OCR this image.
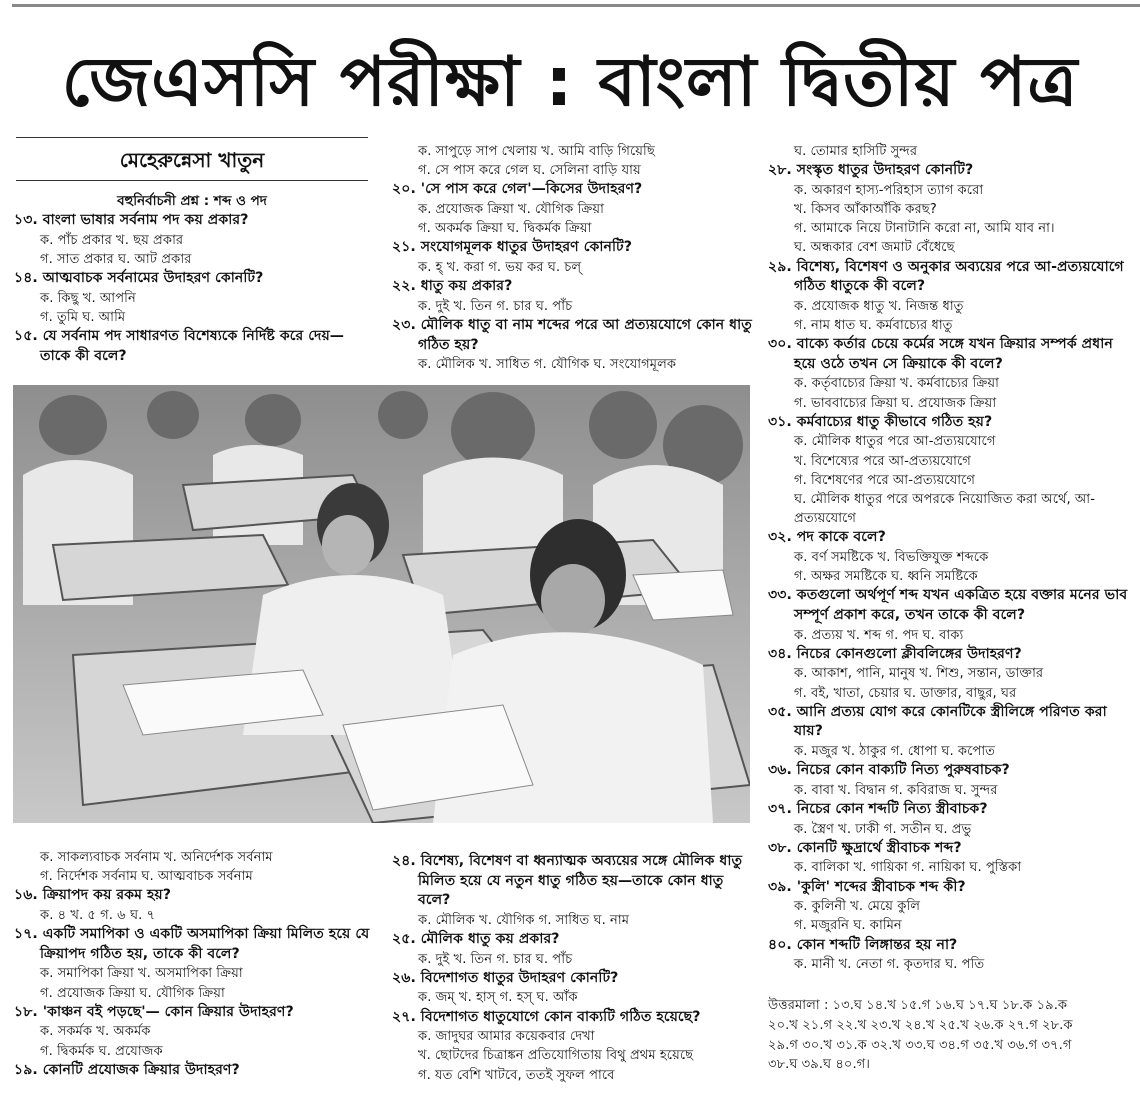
জেএসসি পরীক্ষা : বাংলা দ্বিতীয় পত্র
মেহেরুন্নেসা খাতুন
বহুনির্বাচনী প্রশ্ন : শব্দ ও পদ
১৩. বাংলা ভাষার সর্বনাম পদ কয় প্রকার?
ক. পাঁচ প্রকার খ. ছয় প্রকার
গ. সাত প্রকার ঘ. আট প্রকার
১৪. আত্মবাচক সর্বনামের উদাহরণ কোনটি?
ক. কিছু খ. আপনি
গ. তুমি ঘ. আমি
১৫. যে সর্বনাম পদ সাধারণত বিশেষ্যকে নির্দিষ্ট করে দেয়—
তাকে কী বলে?
ক. সাপুড়ে সাপ খেলায় খ. আমি বাড়ি গিয়েছি
গ. সে পাস করে গেল ঘ. সেলিনা বাড়ি যায়
২০. 'সে পাস করে গেল'—কিসের উদাহরণ?
ক. প্রযোজক ক্রিয়া খ. যৌগিক ক্রিয়া
গ. অকর্মক ক্রিয়া ঘ. দ্বিকর্মক ক্রিয়া
২১. সংযোগমূলক ধাতুর উদাহরণ কোনটি?
ক. হ্ খ. করা গ. ভয় কর ঘ. চল্
২২. ধাতু কয় প্রকার?
ক. দুই খ. তিন গ. চার ঘ. পাঁচ
২৩. মৌলিক ধাতু বা নাম শব্দের পরে আ প্রত্যয়যোগে কোন ধাতু
গঠিত হয়?
ক. মৌলিক খ. সাধিত গ. যৌগিক ঘ. সংযোগমূলক
ঘ. তোমার হাসিটি সুন্দর
২৮. সংস্কৃত ধাতুর উদাহরণ কোনটি?
ক. অকারণ হাস্য-পরিহাস ত্যাগ করো
খ. কিসব আঁকাআঁকি করছ?
গ. আমাকে নিয়ে টানাটানি করো না, আমি যাব না।
ঘ. অন্ধকার বেশ জমাট বেঁধেছে
২৯. বিশেষ্য, বিশেষণ ও অনুকার অব্যয়ের পরে আ-প্রত্যয়যোগে
গঠিত ধাতুকে কী বলে?
ক. প্রযোজক ধাতু খ. নিজন্ত ধাতু
গ. নাম ধাত ঘ. কর্মবাচ্যের ধাতু
৩০. বাক্যে কর্তার চেয়ে কর্মের সঙ্গে যখন ক্রিয়ার সম্পর্ক প্রধান
হয়ে ওঠে তখন সে ক্রিয়াকে কী বলে?
ক. কর্তৃবাচ্যের ক্রিয়া খ. কর্মবাচ্যের ক্রিয়া
গ. ভাববাচ্যের ক্রিয়া ঘ. প্রযোজক ক্রিয়া
৩১. কর্মবাচ্যের ধাতু কীভাবে গঠিত হয়?
ক. মৌলিক ধাতুর পরে আ-প্রত্যয়যোগে
খ. বিশেষ্যের পরে আ-প্রত্যয়যোগে
গ. বিশেষণের পরে আ-প্রত্যয়যোগে
ঘ. মৌলিক ধাতুর পরে অপরকে নিয়োজিত করা অর্থে, আ-
প্রত্যয়যোগে
৩২. পদ কাকে বলে?
ক. বর্ণ সমষ্টিকে খ. বিভক্তিযুক্ত শব্দকে
গ. অক্ষর সমষ্টিকে ঘ. ধ্বনি সমষ্টিকে
৩৩. কতগুলো অর্থপূর্ণ শব্দ যখন একত্রিত হয়ে বক্তার মনের ভাব
সম্পূর্ণ প্রকাশ করে, তখন তাকে কী বলে?
ক. প্রত্যয় খ. শব্দ গ. পদ ঘ. বাক্য
৩৪. নিচের কোনগুলো ক্লীবলিঙ্গের উদাহরণ?
ক. আকাশ, পানি, মানুষ খ. শিশু, সন্তান, ডাক্তার
গ. বই, খাতা, চেয়ার ঘ. ডাক্তার, বাছুর, ঘর
৩৫. আনি প্রত্যয় যোগ করে কোনটিকে স্ত্রীলিঙ্গে পরিণত করা
যায়?
ক. মজুর খ. ঠাকুর গ. ধোপা ঘ. কপোত
৩৬. নিচের কোন বাক্যটি নিত্য পুরুষবাচক?
ক. বাবা খ. বিদ্বান গ. কবিরাজ ঘ. সুন্দর
৩৭. নিচের কোন শব্দটি নিত্য স্ত্রীবাচক?
ক. স্ত্রৈণ খ. ঢাকী গ. সতীন ঘ. প্রভু
৩৮. কোনটি ক্ষুদ্রার্থে স্ত্রীবাচক শব্দ?
ক. বালিকা খ. গায়িকা গ. নায়িকা ঘ. পুস্তিকা
৩৯. 'কুলি' শব্দের স্ত্রীবাচক শব্দ কী?
ক. কুলিনী খ. মেয়ে কুলি
গ. মজুরনি ঘ. কামিন
৪০. কোন শব্দটি লিঙ্গান্তর হয় না?
ক. মানী খ. নেতা গ. কৃতদার ঘ. পতি
ক. সাকল্যবাচক সর্বনাম খ. অনির্দেশক সর্বনাম
গ. নির্দেশক সর্বনাম ঘ. আত্মবাচক সর্বনাম
১৬. ক্রিয়াপদ কয় রকম হয়?
ক. ৪ খ. ৫ গ. ৬ ঘ. ৭
১৭. একটি সমাপিকা ও একটি অসমাপিকা ক্রিয়া মিলিত হয়ে যে
ক্রিয়াপদ গঠিত হয়, তাকে কী বলে?
ক. সমাপিকা ক্রিয়া খ. অসমাপিকা ক্রিয়া
গ. প্রযোজক ক্রিয়া ঘ. যৌগিক ক্রিয়া
১৮. 'কাঞ্চন বই পড়ছে'— কোন ক্রিয়ার উদাহরণ?
ক. সকর্মক খ. অকর্মক
গ. দ্বিকর্মক ঘ. প্রযোজক
১৯. কোনটি প্রযোজক ক্রিয়ার উদাহরণ?
২৪. বিশেষ্য, বিশেষণ বা ধ্বন্যাত্মক অব্যয়ের সঙ্গে মৌলিক ধাতু
মিলিত হয়ে যে নতুন ধাতু গঠিত হয়—তাকে কোন ধাতু
বলে?
ক. মৌলিক খ. যৌগিক গ. সাধিত ঘ. নাম
২৫. মৌলিক ধাতু কয় প্রকার?
ক. দুই খ. তিন গ. চার ঘ. পাঁচ
২৬. বিদেশাগত ধাতুর উদাহরণ কোনটি?
ক. জম্ খ. হাস্ গ. হস্ ঘ. আঁক
২৭. বিদেশাগত ধাতুযোগে কোন বাক্যটি গঠিত হয়েছে?
ক. জাদুঘর আমার কয়েকবার দেখা
খ. ছোটদের চিত্রাঙ্কন প্রতিযোগিতায় বিথু প্রথম হয়েছে
গ. যত বেশি খাটবে, ততই সুফল পাবে
উত্তরমালা : ১৩.ঘ ১৪.খ ১৫.গ ১৬.ঘ ১৭.ঘ ১৮.ক ১৯.ক
২০.খ ২১.গ ২২.খ ২৩.খ ২৪.খ ২৫.খ ২৬.ক ২৭.গ ২৮.ক
২৯.গ ৩০.খ ৩১.ক ৩২.খ ৩৩.ঘ ৩৪.গ ৩৫.খ ৩৬.গ ৩৭.গ
৩৮.ঘ ৩৯.ঘ ৪০.গ।
